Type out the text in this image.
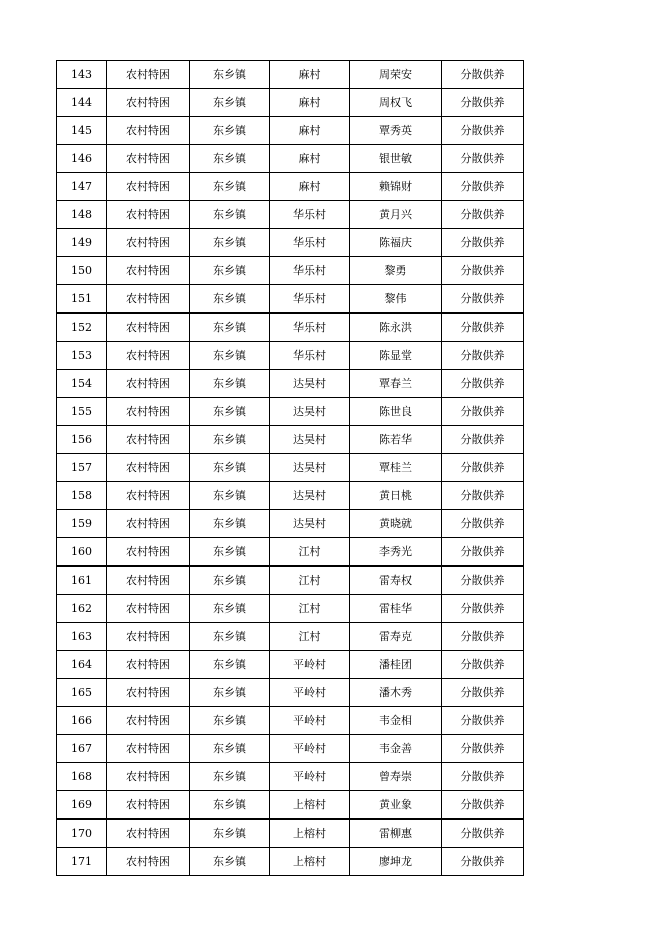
143	农村特困	东乡镇	麻村	周荣安	分散供养
144	农村特困	东乡镇	麻村	周权飞	分散供养
145	农村特困	东乡镇	麻村	覃秀英	分散供养
146	农村特困	东乡镇	麻村	银世敏	分散供养
147	农村特困	东乡镇	麻村	赖锦财	分散供养
148	农村特困	东乡镇	华乐村	黄月兴	分散供养
149	农村特困	东乡镇	华乐村	陈福庆	分散供养
150	农村特困	东乡镇	华乐村	黎勇	分散供养
151	农村特困	东乡镇	华乐村	黎伟	分散供养
152	农村特困	东乡镇	华乐村	陈永洪	分散供养
153	农村特困	东乡镇	华乐村	陈显堂	分散供养
154	农村特困	东乡镇	达昊村	覃春兰	分散供养
155	农村特困	东乡镇	达昊村	陈世良	分散供养
156	农村特困	东乡镇	达昊村	陈若华	分散供养
157	农村特困	东乡镇	达昊村	覃桂兰	分散供养
158	农村特困	东乡镇	达昊村	黄日桃	分散供养
159	农村特困	东乡镇	达昊村	黄晓就	分散供养
160	农村特困	东乡镇	江村	李秀光	分散供养
161	农村特困	东乡镇	江村	雷寿权	分散供养
162	农村特困	东乡镇	江村	雷桂华	分散供养
163	农村特困	东乡镇	江村	雷寿克	分散供养
164	农村特困	东乡镇	平岭村	潘桂团	分散供养
165	农村特困	东乡镇	平岭村	潘木秀	分散供养
166	农村特困	东乡镇	平岭村	韦金相	分散供养
167	农村特困	东乡镇	平岭村	韦金善	分散供养
168	农村特困	东乡镇	平岭村	曾寿崇	分散供养
169	农村特困	东乡镇	上榕村	黄业象	分散供养
170	农村特困	东乡镇	上榕村	雷柳惠	分散供养
171	农村特困	东乡镇	上榕村	廖坤龙	分散供养
